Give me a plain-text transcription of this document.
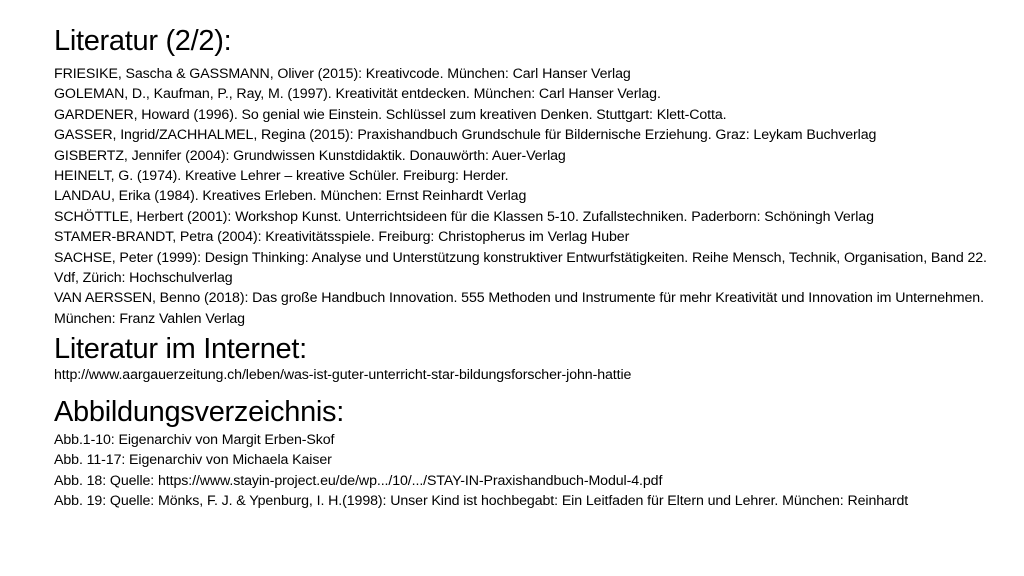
Literatur (2/2):
FRIESIKE, Sascha & GASSMANN, Oliver (2015): Kreativcode. München: Carl Hanser Verlag
GOLEMAN, D., Kaufman, P., Ray, M. (1997). Kreativität entdecken. München: Carl Hanser Verlag.
GARDENER, Howard (1996). So genial wie Einstein. Schlüssel zum kreativen Denken. Stuttgart: Klett-Cotta.
GASSER, Ingrid/ZACHHALMEL, Regina (2015): Praxishandbuch Grundschule für Bildernische Erziehung. Graz: Leykam Buchverlag
GISBERTZ, Jennifer (2004): Grundwissen Kunstdidaktik. Donauwörth: Auer-Verlag
HEINELT, G. (1974). Kreative Lehrer – kreative Schüler. Freiburg: Herder.
LANDAU, Erika (1984). Kreatives Erleben. München: Ernst Reinhardt Verlag
SCHÖTTLE, Herbert (2001): Workshop Kunst. Unterrichtsideen für die Klassen 5-10. Zufallstechniken. Paderborn: Schöningh Verlag
STAMER-BRANDT, Petra (2004): Kreativitätsspiele. Freiburg: Christopherus im Verlag Huber
SACHSE, Peter (1999): Design Thinking: Analyse und Unterstützung konstruktiver Entwurfstätigkeiten. Reihe Mensch, Technik, Organisation, Band 22. Vdf, Zürich: Hochschulverlag
VAN AERSSEN, Benno (2018): Das große Handbuch Innovation. 555 Methoden und Instrumente für mehr Kreativität und Innovation im Unternehmen. München: Franz Vahlen Verlag
Literatur im Internet:
http://www.aargauerzeitung.ch/leben/was-ist-guter-unterricht-star-bildungsforscher-john-hattie
Abbildungsverzeichnis:
Abb.1-10: Eigenarchiv von Margit Erben-Skof
Abb. 11-17: Eigenarchiv von Michaela Kaiser
Abb. 18: Quelle: https://www.stayin-project.eu/de/wp.../10/.../STAY-IN-Praxishandbuch-Modul-4.pdf
Abb. 19: Quelle: Mönks, F. J. & Ypenburg, I. H.(1998): Unser Kind ist hochbegabt: Ein Leitfaden für Eltern und Lehrer. München: Reinhardt
